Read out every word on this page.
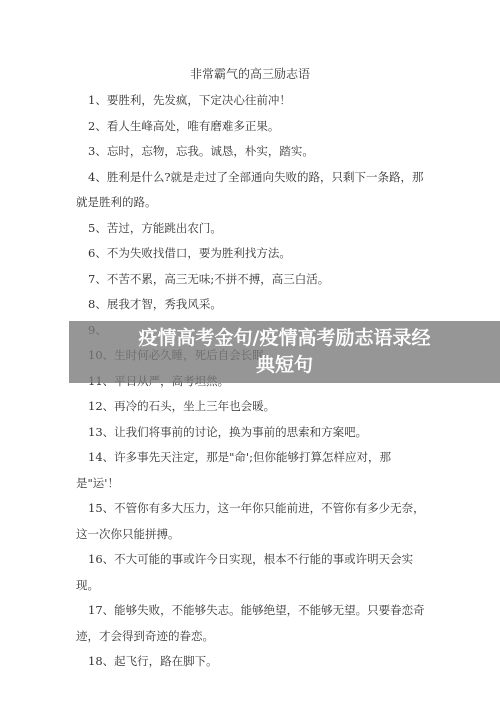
非常霸气的高三励志语
1、要胜利，先发疯，下定决心往前冲！
2、看人生峰高处，唯有磨难多正果。
3、忘时，忘物，忘我。诚恳，朴实，踏实。
4、胜利是什么?就是走过了全部通向失败的路，只剩下一条路，那就是胜利的路。
5、苦过，方能跳出农门。
6、不为失败找借口，要为胜利找方法。
7、不苦不累，高三无味;不拼不搏，高三白活。
8、展我才智，秀我风采。
12、再冷的石头，坐上三年也会暖。
13、让我们将事前的讨论，换为事前的思索和方案吧。
14、许多事先天注定，那是"命';但你能够打算怎样应对，那是"运'！
15、不管你有多大压力，这一年你只能前进，不管你有多少无奈，这一次你只能拼搏。
16、不大可能的事或许今日实现，根本不行能的事或许明天会实现。
17、能够失败，不能够失志。能够绝望，不能够无望。只要眷恋奇迹，才会得到奇迹的眷恋。
18、起飞行，路在脚下。
疫情高考金句/疫情高考励志语录经
典短句
